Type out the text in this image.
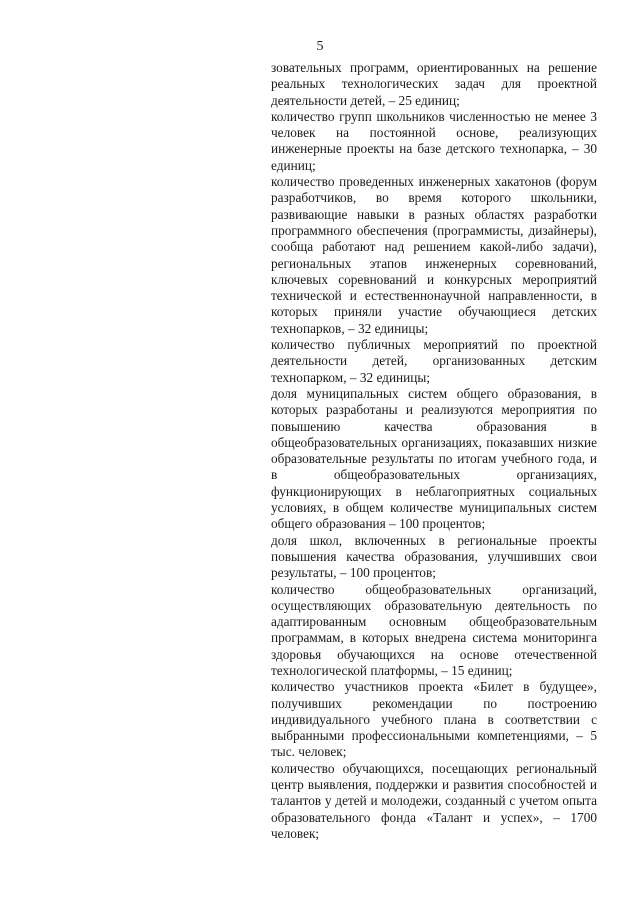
5

зовательных программ, ориентированных на решение реальных технологических задач для проектной деятельности детей, – 25 единиц;

количество групп школьников численностью не менее 3 человек на постоянной основе, реализующих инженерные проекты на базе детского технопарка, – 30 единиц;

количество проведенных инженерных хакатонов (форум разработчиков, во время которого школьники, развивающие навыки в разных областях разработки программного обеспечения (программисты, дизайнеры), сообща работают над решением какой-либо задачи), региональных этапов инженерных соревнований, ключевых соревнований и конкурсных мероприятий технической и естественнонаучной направленности, в которых приняли участие обучающиеся детских технопарков, – 32 единицы;

количество публичных мероприятий по проектной деятельности детей, организованных детским технопарком, – 32 единицы;

доля муниципальных систем общего образования, в которых разработаны и реализуются мероприятия по повышению качества образования в общеобразовательных организациях, показавших низкие образовательные результаты по итогам учебного года, и в общеобразовательных организациях, функционирующих в неблагоприятных социальных условиях, в общем количестве муниципальных систем общего образования – 100 процентов;

доля школ, включенных в региональные проекты повышения качества образования, улучшивших свои результаты, – 100 процентов;

количество общеобразовательных организаций, осуществляющих образовательную деятельность по адаптированным основным общеобразовательным программам, в которых внедрена система мониторинга здоровья обучающихся на основе отечественной технологической платформы, – 15 единиц;

количество участников проекта «Билет в будущее», получивших рекомендации по построению индивидуального учебного плана в соответствии с выбранными профессиональными компетенциями, – 5 тыс. человек;

количество обучающихся, посещающих региональный центр выявления, поддержки и развития способностей и талантов у детей и молодежи, созданный с учетом опыта образовательного фонда «Талант и успех», – 1700 человек;
